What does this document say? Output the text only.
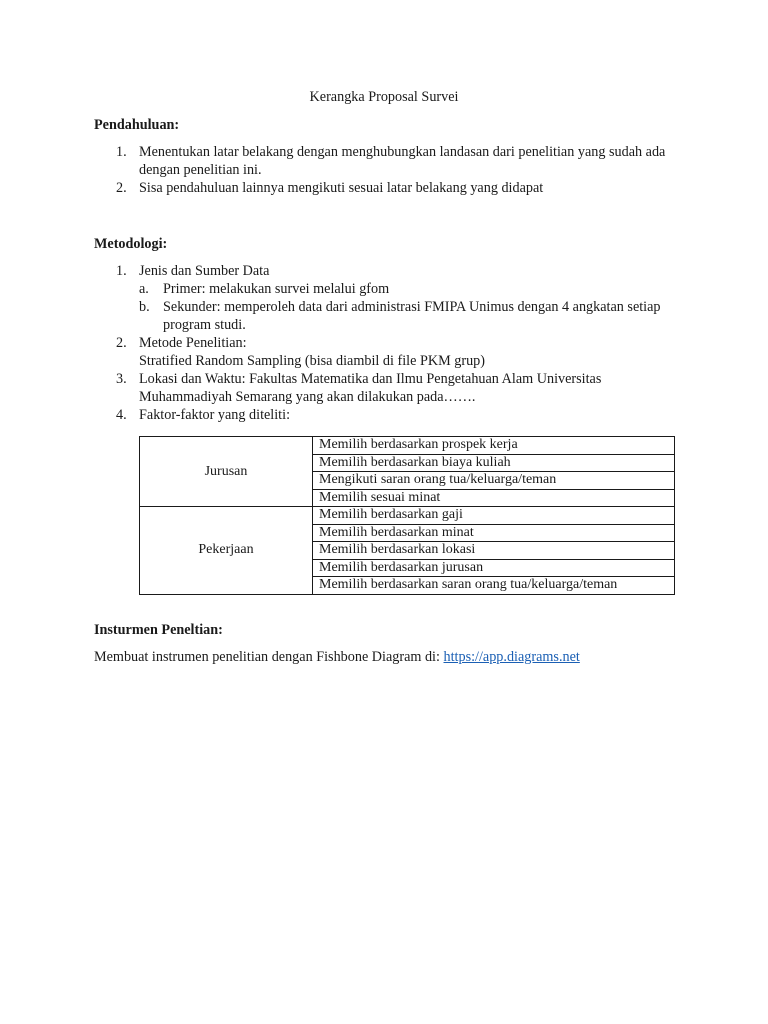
Kerangka Proposal Survei
Pendahuluan:
1. Menentukan latar belakang dengan menghubungkan landasan dari penelitian yang sudah ada dengan penelitian ini.
2. Sisa pendahuluan lainnya mengikuti sesuai latar belakang yang didapat
Metodologi:
1. Jenis dan Sumber Data
a. Primer: melakukan survei melalui gfom
b. Sekunder: memperoleh data dari administrasi FMIPA Unimus dengan 4 angkatan setiap program studi.
2. Metode Penelitian:
Stratified Random Sampling (bisa diambil di file PKM grup)
3. Lokasi dan Waktu: Fakultas Matematika dan Ilmu Pengetahuan Alam Universitas Muhammadiyah Semarang yang akan dilakukan pada…….
4. Faktor-faktor yang diteliti:
Jurusan	Memilih berdasarkan prospek kerja
	Memilih berdasarkan biaya kuliah
	Mengikuti saran orang tua/keluarga/teman
	Memilih sesuai minat
Pekerjaan	Memilih berdasarkan gaji
	Memilih berdasarkan minat
	Memilih berdasarkan lokasi
	Memilih berdasarkan jurusan
	Memilih berdasarkan saran orang tua/keluarga/teman
Insturmen Peneltian:
Membuat instrumen penelitian dengan Fishbone Diagram di: https://app.diagrams.net
